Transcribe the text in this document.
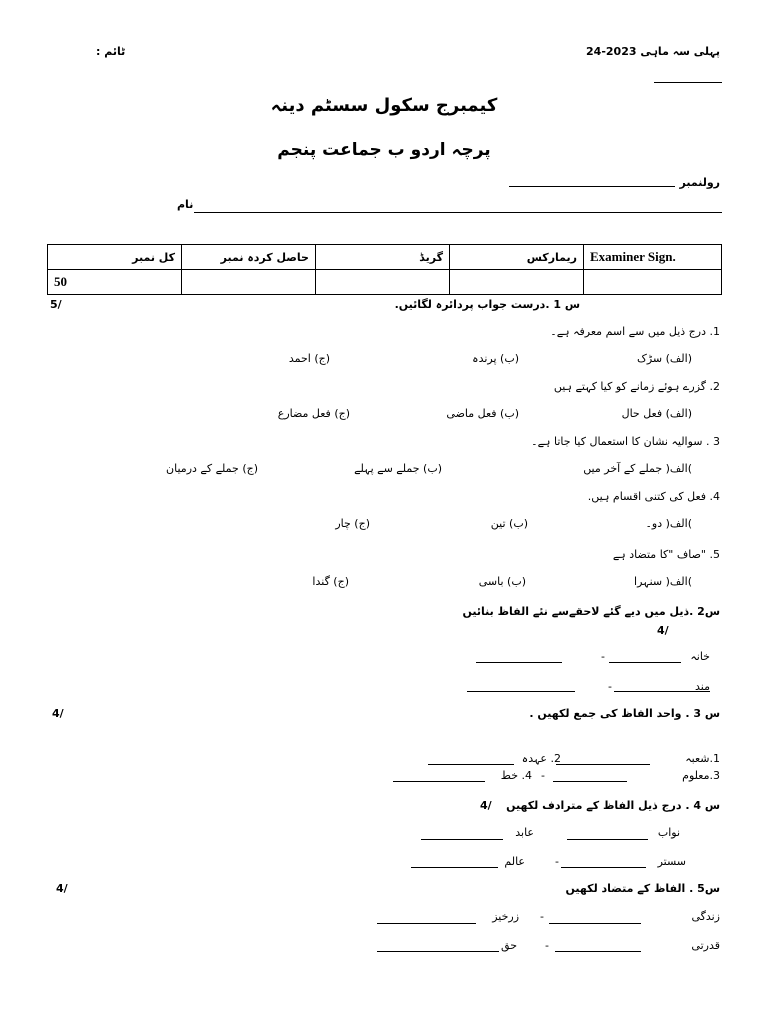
پہلی سہ ماہی 2023-24
ٹائم :
کیمبرج سکول سسٹم دینہ
پرچہ اردو ب جماعت پنجم
رولنمبر
نام
کل نمبر	حاصل کردہ نمبر	گریڈ	ریمارکس	Examiner Sign.
50				
س 1 .درست جواب پردائرہ لگائیں.
5/
1. درج ذیل میں سے اسم معرفہ ہے۔
(الف) سڑک
(ب) پرندہ
(ج) احمد
2. گزرے ہوئے زمانے کو کیا کہتے ہیں
(الف) فعل حال
(ب) فعل ماضی
(ج) فعل مضارع
3 . سوالیہ نشان کا استعمال کیا جاتا ہے۔
)الف( جملے کے آخر میں
(ب) جملے سے پہلے
(ج) جملے کے درمیان
4. فعل کی کتنی اقسام ہیں.
)الف( دو۔
(ب) تین
(ج) چار
5. "صاف "کا متضاد ہے
)الف( سنہرا
(ب) باسی
(ج) گندا
س2 .ذیل میں دیے گئے لاحقےسے نئے الفاظ بنائیں
4/
خانہ
-
مند
-
س 3 . واحد الفاظ کی جمع لکھیں .
4/
1.شعبہ
2. عہدہ
3.معلوم
-
4. خط
س 4 . درج ذیل الفاظ کے مترادف لکھیں
4/
نواب
عابد
سستر
-
عالم
س5 . الفاظ کے متضاد لکھیں
4/
زندگی
-
زرخیز
قدرتی
-
حق
